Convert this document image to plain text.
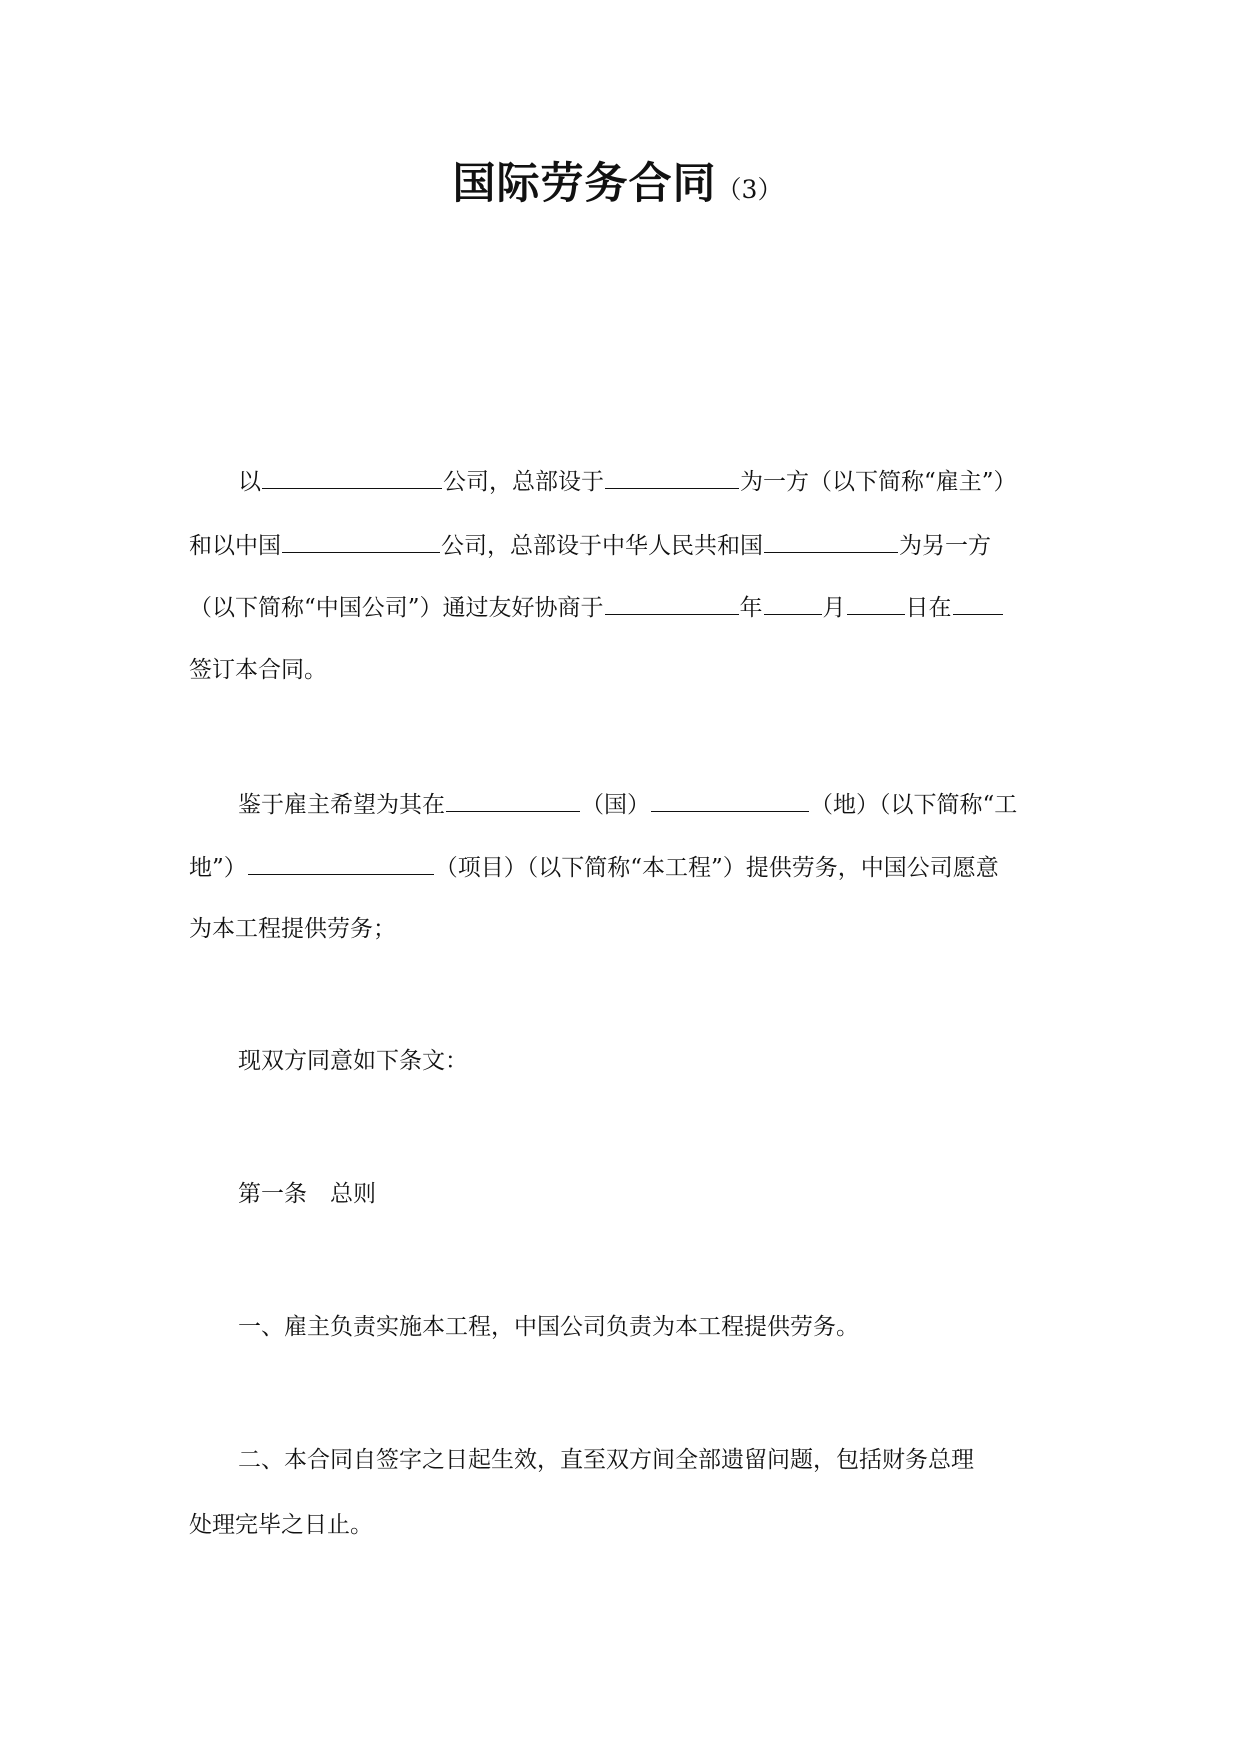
国际劳务合同（3）
以	公司，总部设于	为一方（以下简称“雇主”）
和以中国	公司，总部设于中华人民共和国	为另一方
（以下简称“中国公司”）通过友好协商于	年	月	日在
签订本合同。
鉴于雇主希望为其在	（国）	（地）（以下简称“工
地”）	（项目）（以下简称“本工程”）提供劳务，中国公司愿意
为本工程提供劳务；
现双方同意如下条文：
第一条　总则
一、雇主负责实施本工程，中国公司负责为本工程提供劳务。
二、本合同自签字之日起生效，直至双方间全部遗留问题，包括财务总理
处理完毕之日止。
